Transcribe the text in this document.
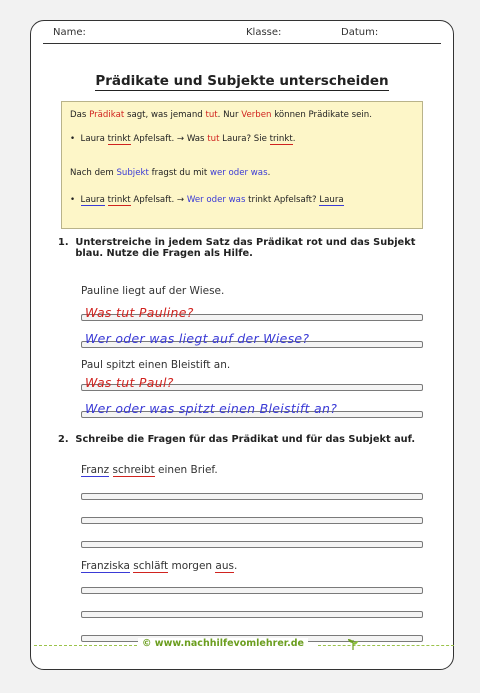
Name:	Klasse:	Datum:
Prädikate und Subjekte unterscheiden
Das Prädikat sagt, was jemand tut. Nur Verben können Prädikate sein.
• Laura trinkt Apfelsaft. → Was tut Laura? Sie trinkt.
Nach dem Subjekt fragst du mit wer oder was.
• Laura trinkt Apfelsaft. → Wer oder was trinkt Apfelsaft? Laura
1. Unterstreiche in jedem Satz das Prädikat rot und das Subjekt
blau. Nutze die Fragen als Hilfe.
Pauline liegt auf der Wiese.
Was tut Pauline?
Wer oder was liegt auf der Wiese?
Paul spitzt einen Bleistift an.
Was tut Paul?
Wer oder was spitzt einen Bleistift an?
2. Schreibe die Fragen für das Prädikat und für das Subjekt auf.
Franz schreibt einen Brief.
Franziska schläft morgen aus.
© www.nachhilfevomlehrer.de
